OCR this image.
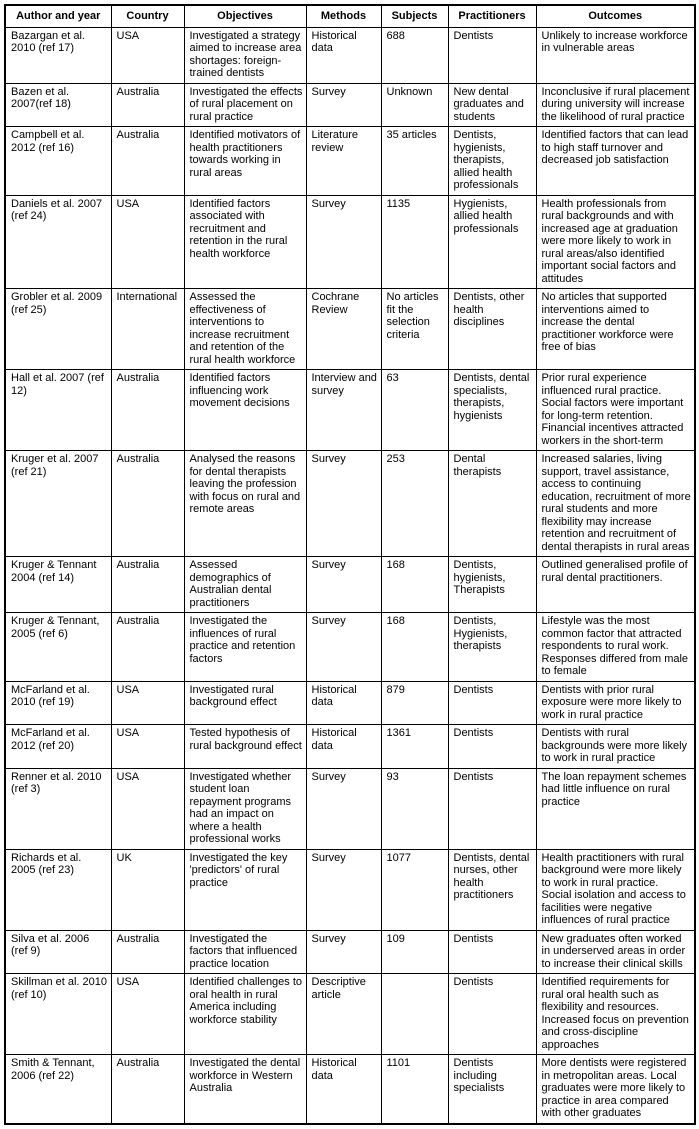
Author and year	Country	Objectives	Methods	Subjects	Practitioners	Outcomes
Bazargan et al. 2010 (ref 17)	USA	Investigated a strategy aimed to increase area shortages: foreign-trained dentists	Historical data	688	Dentists	Unlikely to increase workforce in vulnerable areas
Bazen et al. 2007(ref 18)	Australia	Investigated the effects of rural placement on rural practice	Survey	Unknown	New dental graduates and students	Inconclusive if rural placement during university will increase the likelihood of rural practice
Campbell et al. 2012 (ref 16)	Australia	Identified motivators of health practitioners towards working in rural areas	Literature review	35 articles	Dentists, hygienists, therapists, allied health professionals	Identified factors that can lead to high staff turnover and decreased job satisfaction
Daniels et al. 2007 (ref 24)	USA	Identified factors associated with recruitment and retention in the rural health workforce	Survey	1135	Hygienists, allied health professionals	Health professionals from rural backgrounds and with increased age at graduation were more likely to work in rural areas/also identified important social factors and attitudes
Grobler et al. 2009 (ref 25)	International	Assessed the effectiveness of interventions to increase recruitment and retention of the rural health workforce	Cochrane Review	No articles fit the selection criteria	Dentists, other health disciplines	No articles that supported interventions aimed to increase the dental practitioner workforce were free of bias
Hall et al. 2007 (ref 12)	Australia	Identified factors influencing work movement decisions	Interview and survey	63	Dentists, dental specialists, therapists, hygienists	Prior rural experience influenced rural practice. Social factors were important for long-term retention. Financial incentives attracted workers in the short-term
Kruger et al. 2007 (ref 21)	Australia	Analysed the reasons for dental therapists leaving the profession with focus on rural and remote areas	Survey	253	Dental therapists	Increased salaries, living support, travel assistance, access to continuing education, recruitment of more rural students and more flexibility may increase retention and recruitment of dental therapists in rural areas
Kruger & Tennant 2004 (ref 14)	Australia	Assessed demographics of Australian dental practitioners	Survey	168	Dentists, hygienists, Therapists	Outlined generalised profile of rural dental practitioners.
Kruger & Tennant, 2005 (ref 6)	Australia	Investigated the influences of rural practice and retention factors	Survey	168	Dentists, Hygienists, therapists	Lifestyle was the most common factor that attracted respondents to rural work. Responses differed from male to female
McFarland et al. 2010 (ref 19)	USA	Investigated rural background effect	Historical data	879	Dentists	Dentists with prior rural exposure were more likely to work in rural practice
McFarland et al. 2012 (ref 20)	USA	Tested hypothesis of rural background effect	Historical data	1361	Dentists	Dentists with rural backgrounds were more likely to work in rural practice
Renner et al. 2010 (ref 3)	USA	Investigated whether student loan repayment programs had an impact on where a health professional works	Survey	93	Dentists	The loan repayment schemes had little influence on rural practice
Richards et al. 2005 (ref 23)	UK	Investigated the key 'predictors' of rural practice	Survey	1077	Dentists, dental nurses, other health practitioners	Health practitioners with rural background were more likely to work in rural practice. Social isolation and access to facilities were negative influences of rural practice
Silva et al. 2006 (ref 9)	Australia	Investigated the factors that influenced practice location	Survey	109	Dentists	New graduates often worked in underserved areas in order to increase their clinical skills
Skillman et al. 2010 (ref 10)	USA	Identified challenges to oral health in rural America including workforce stability	Descriptive article		Dentists	Identified requirements for rural oral health such as flexibility and resources. Increased focus on prevention and cross-discipline approaches
Smith & Tennant, 2006 (ref 22)	Australia	Investigated the dental workforce in Western Australia	Historical data	1101	Dentists including specialists	More dentists were registered in metropolitan areas. Local graduates were more likely to practice in area compared with other graduates
